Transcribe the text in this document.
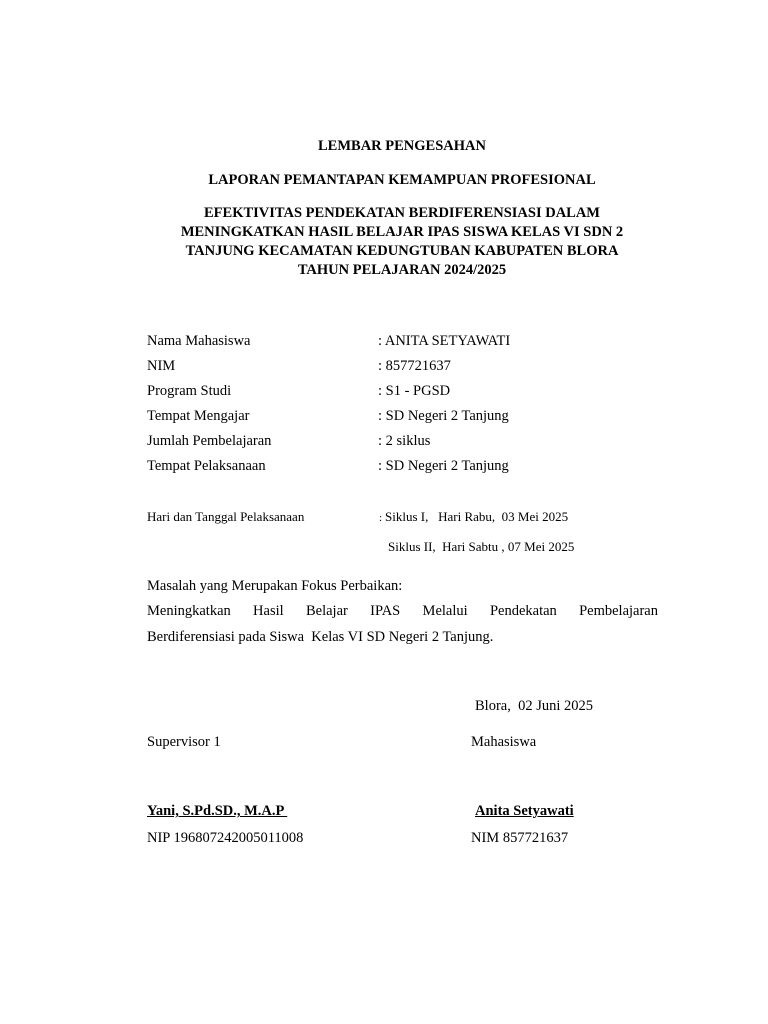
LEMBAR PENGESAHAN
LAPORAN PEMANTAPAN KEMAMPUAN PROFESIONAL
EFEKTIVITAS PENDEKATAN BERDIFERENSIASI DALAM
MENINGKATKAN HASIL BELAJAR IPAS SISWA KELAS VI SDN 2
TANJUNG KECAMATAN KEDUNGTUBAN KABUPATEN BLORA
TAHUN PELAJARAN 2024/2025
Nama Mahasiswa	: ANITA SETYAWATI
NIM	: 857721637
Program Studi	: S1 - PGSD
Tempat Mengajar	: SD Negeri 2 Tanjung
Jumlah Pembelajaran	: 2 siklus
Tempat Pelaksanaan	: SD Negeri 2 Tanjung
Hari dan Tanggal Pelaksanaan	: Siklus I,   Hari Rabu,  03 Mei 2025
Siklus II,  Hari Sabtu , 07 Mei 2025
Masalah yang Merupakan Fokus Perbaikan:
Meningkatkan Hasil Belajar IPAS Melalui Pendekatan Pembelajaran
Berdiferensiasi pada Siswa  Kelas VI SD Negeri 2 Tanjung.
Blora,  02 Juni 2025
Supervisor 1	Mahasiswa
Yani, S.Pd.SD., M.A.P	Anita Setyawati
NIP 196807242005011008	NIM 857721637
